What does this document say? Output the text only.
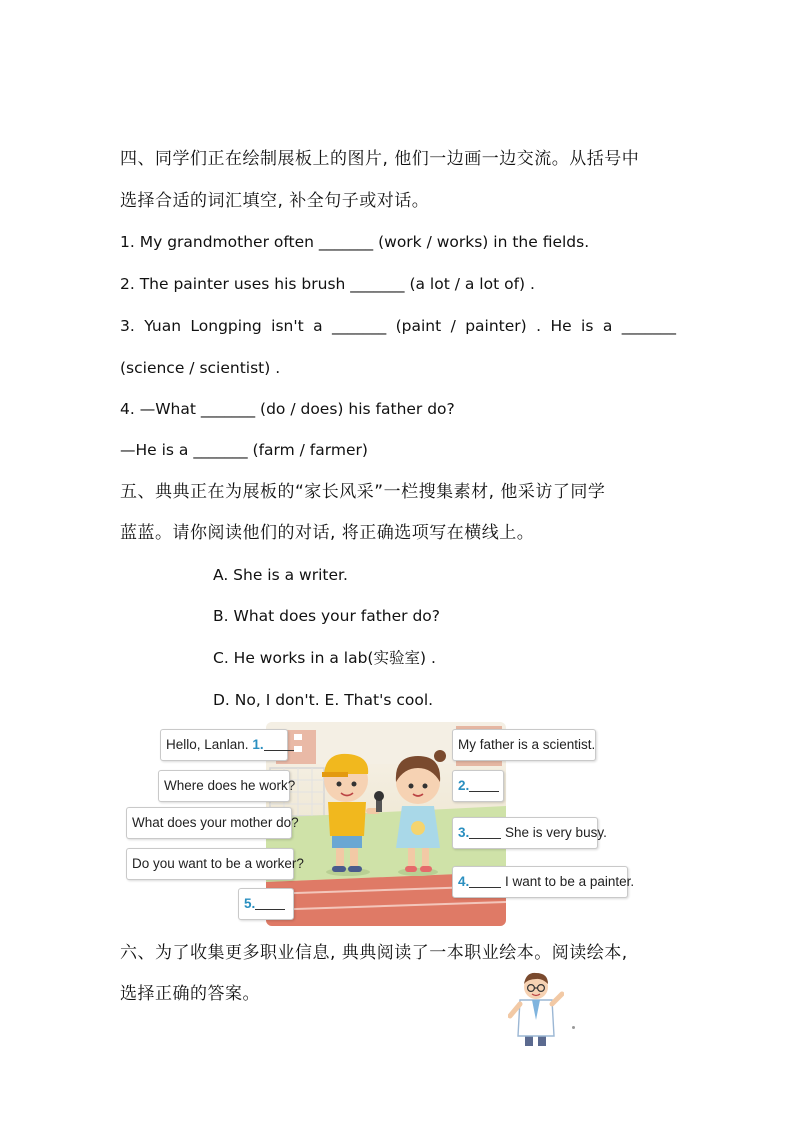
四、同学们正在绘制展板上的图片, 他们一边画一边交流。从括号中
选择合适的词汇填空, 补全句子或对话。
1. My grandmother often _______ (work / works) in the fields.
2. The painter uses his brush _______ (a lot / a lot of) .
3. Yuan Longping isn't a _______ (paint / painter) . He is a _______
(science / scientist) .
4. —What _______ (do / does) his father do?
—He is a _______ (farm / farmer)
五、典典正在为展板的“家长风采”一栏搜集素材, 他采访了同学
蓝蓝。请你阅读他们的对话, 将正确选项写在横线上。
A. She is a writer.
B. What does your father do?
C. He works in a lab(实验室) .
D. No, I don't. E. That's cool.
Hello, Lanlan. 1.
Where does he work?
What does your mother do?
Do you want to be a worker?
5.
My father is a scientist.
2.
3.	She is very busy.
4.	I want to be a painter.
六、为了收集更多职业信息, 典典阅读了一本职业绘本。阅读绘本,
选择正确的答案。
